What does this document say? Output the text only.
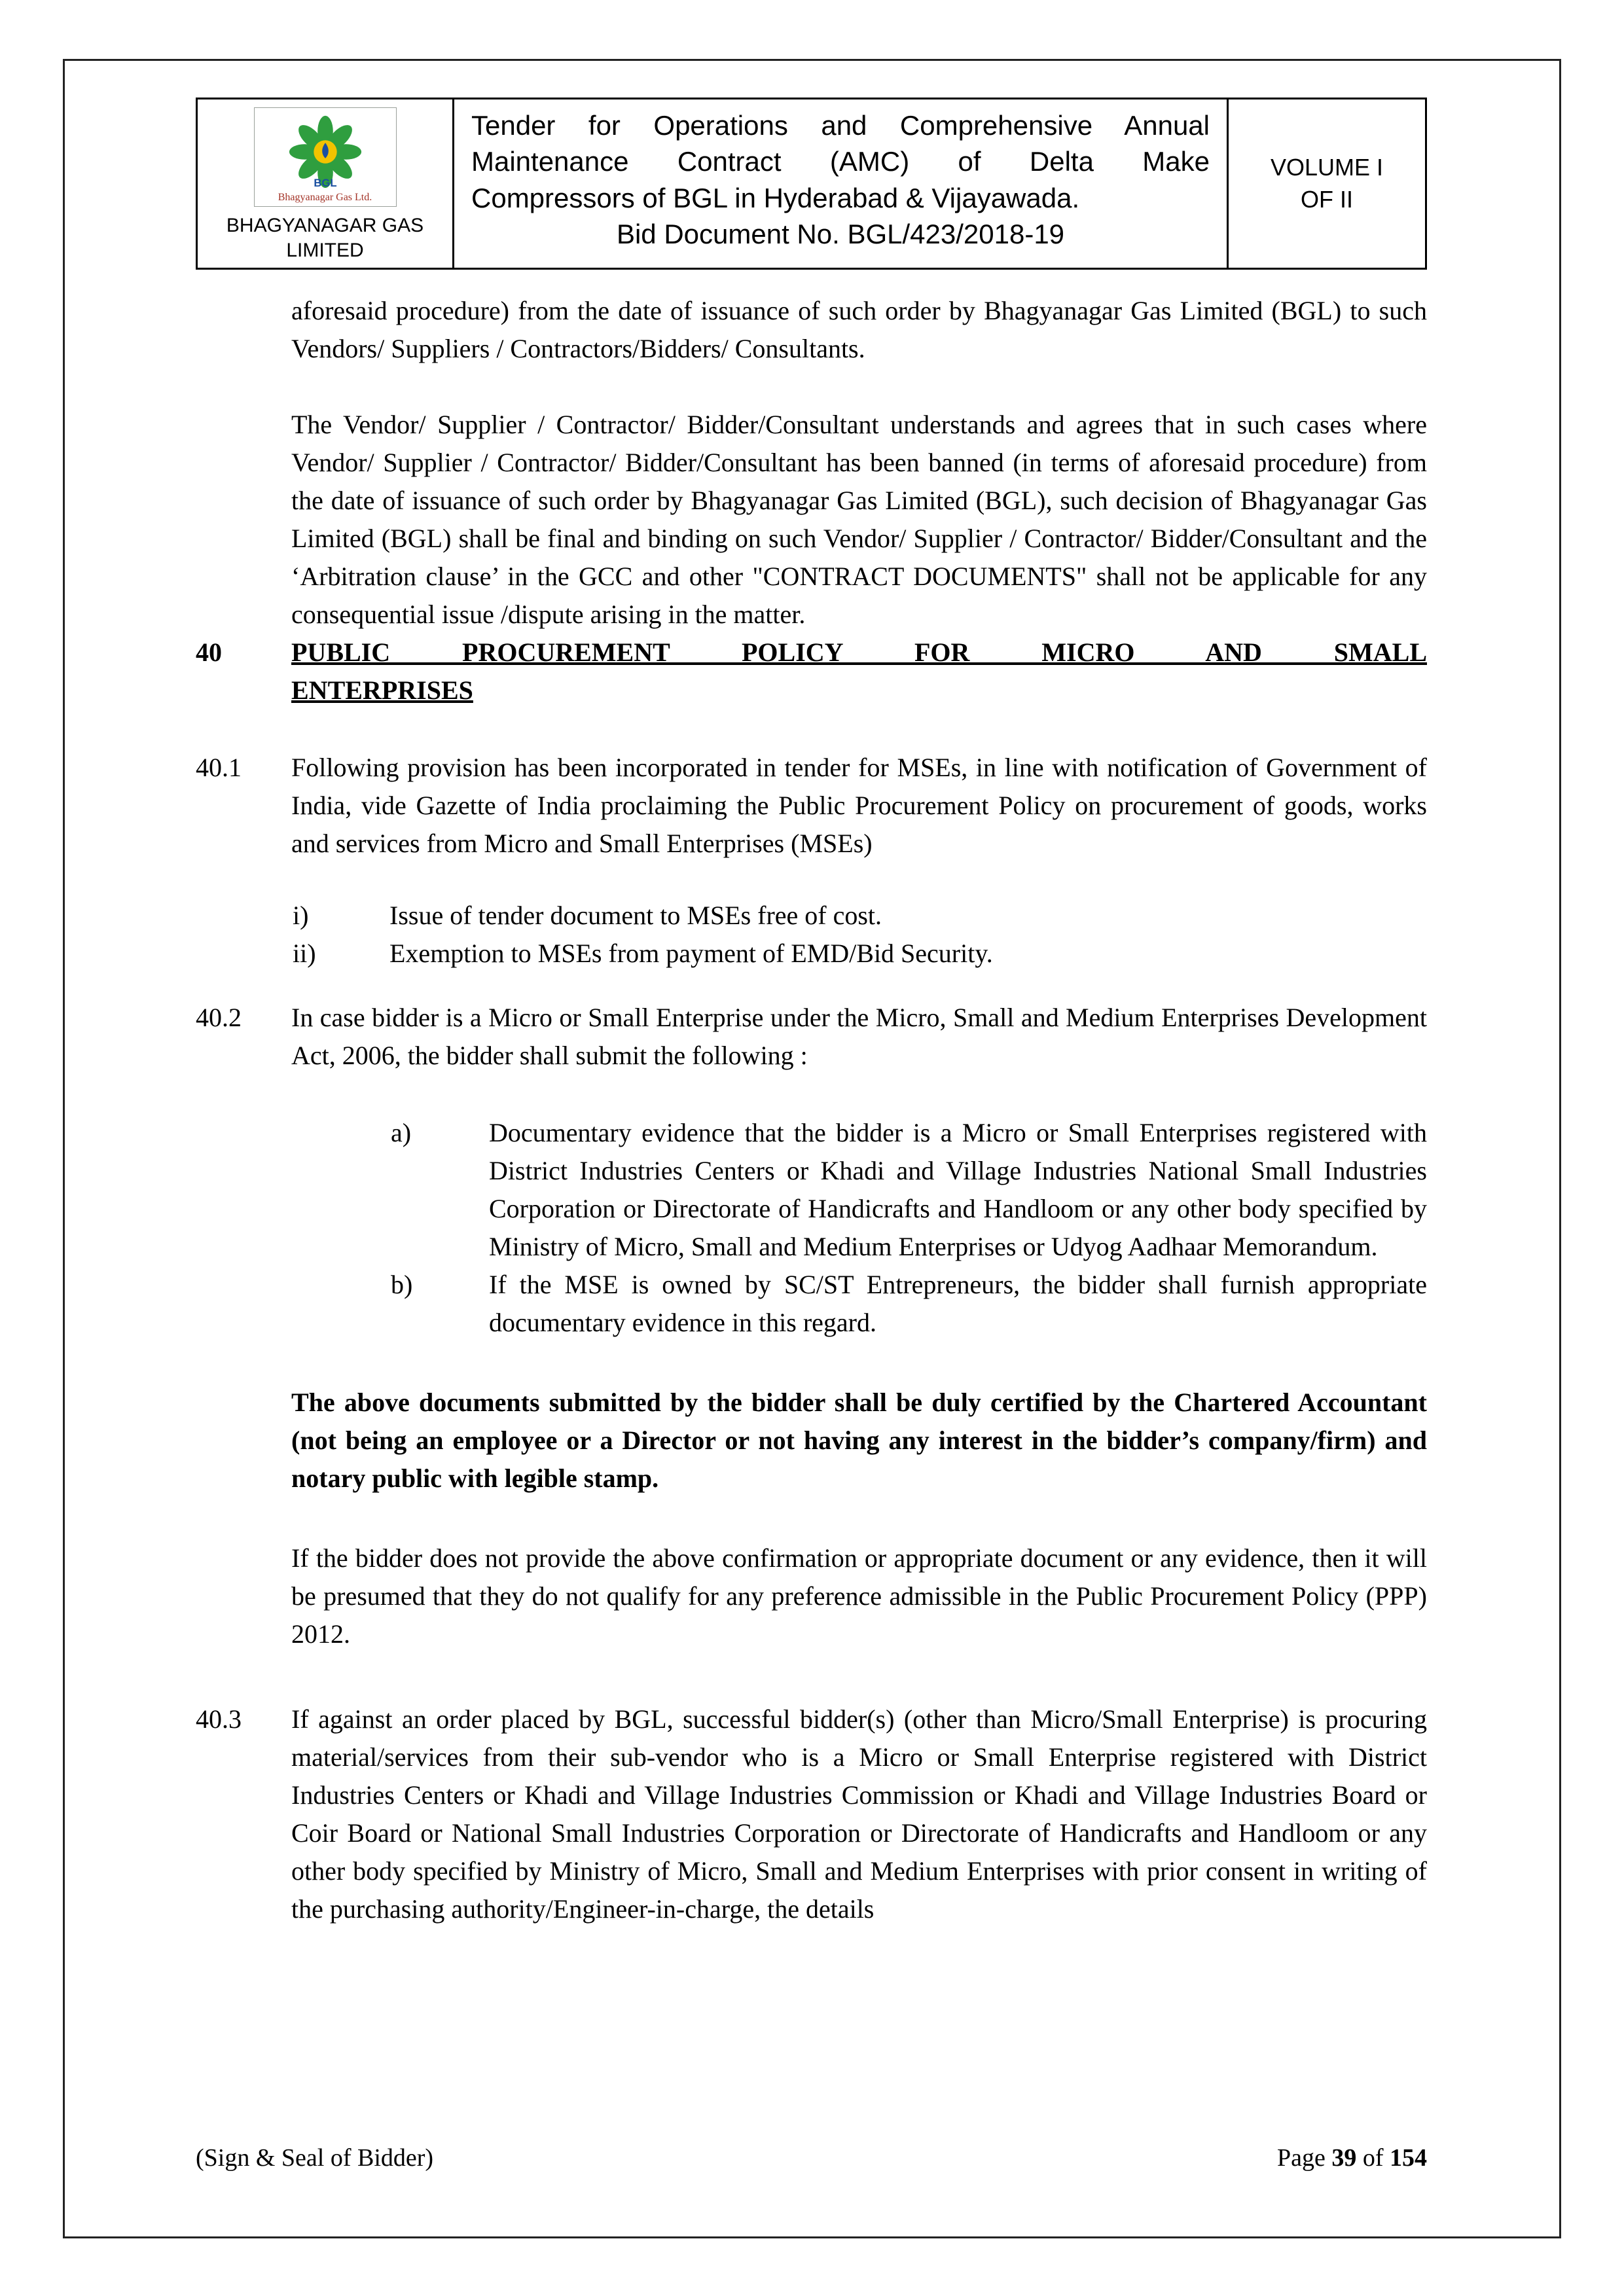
BGL
Bhagyanagar Gas Ltd.
BHAGYANAGAR GAS
LIMITED
Tender for Operations and Comprehensive Annual
Maintenance Contract (AMC) of Delta Make
Compressors of BGL in Hyderabad & Vijayawada.
Bid Document No. BGL/423/2018-19
VOLUME I
OF II
aforesaid procedure) from the date of issuance of such order by Bhagyanagar Gas Limited (BGL) to such Vendors/ Suppliers / Contractors/Bidders/ Consultants.
The Vendor/ Supplier / Contractor/ Bidder/Consultant understands and agrees that in such cases where Vendor/ Supplier / Contractor/ Bidder/Consultant has been banned (in terms of aforesaid procedure) from the date of issuance of such order by Bhagyanagar Gas Limited (BGL), such decision of Bhagyanagar Gas Limited (BGL) shall be final and binding on such Vendor/ Supplier / Contractor/ Bidder/Consultant and the ‘Arbitration clause’ in the GCC and other "CONTRACT DOCUMENTS" shall not be applicable for any consequential issue /dispute arising in the matter.
40	PUBLIC PROCUREMENT POLICY FOR MICRO AND SMALL
ENTERPRISES
40.1	Following provision has been incorporated in tender for MSEs, in line with notification of Government of India, vide Gazette of India proclaiming the Public Procurement Policy on procurement of goods, works and services from Micro and Small Enterprises (MSEs)
i)	Issue of tender document to MSEs free of cost.
ii)	Exemption to MSEs from payment of EMD/Bid Security.
40.2	In case bidder is a Micro or Small Enterprise under the Micro, Small and Medium Enterprises Development Act, 2006, the bidder shall submit the following :
a)	Documentary evidence that the bidder is a Micro or Small Enterprises registered with District Industries Centers or Khadi and Village Industries National Small Industries Corporation or Directorate of Handicrafts and Handloom or any other body specified by Ministry of Micro, Small and Medium Enterprises or Udyog Aadhaar Memorandum.
b)	If the MSE is owned by SC/ST Entrepreneurs, the bidder shall furnish appropriate documentary evidence in this regard.
The above documents submitted by the bidder shall be duly certified by the Chartered Accountant (not being an employee or a Director or not having any interest in the bidder’s company/firm) and notary public with legible stamp.
If the bidder does not provide the above confirmation or appropriate document or any evidence, then it will be presumed that they do not qualify for any preference admissible in the Public Procurement Policy (PPP) 2012.
40.3	If against an order placed by BGL, successful bidder(s) (other than Micro/Small Enterprise) is procuring material/services from their sub-vendor who is a Micro or Small Enterprise registered with District Industries Centers or Khadi and Village Industries Commission or Khadi and Village Industries Board or Coir Board or National Small Industries Corporation or Directorate of Handicrafts and Handloom or any other body specified by Ministry of Micro, Small and Medium Enterprises with prior consent in writing of the purchasing authority/Engineer-in-charge, the details
(Sign & Seal of Bidder)	Page 39 of 154
